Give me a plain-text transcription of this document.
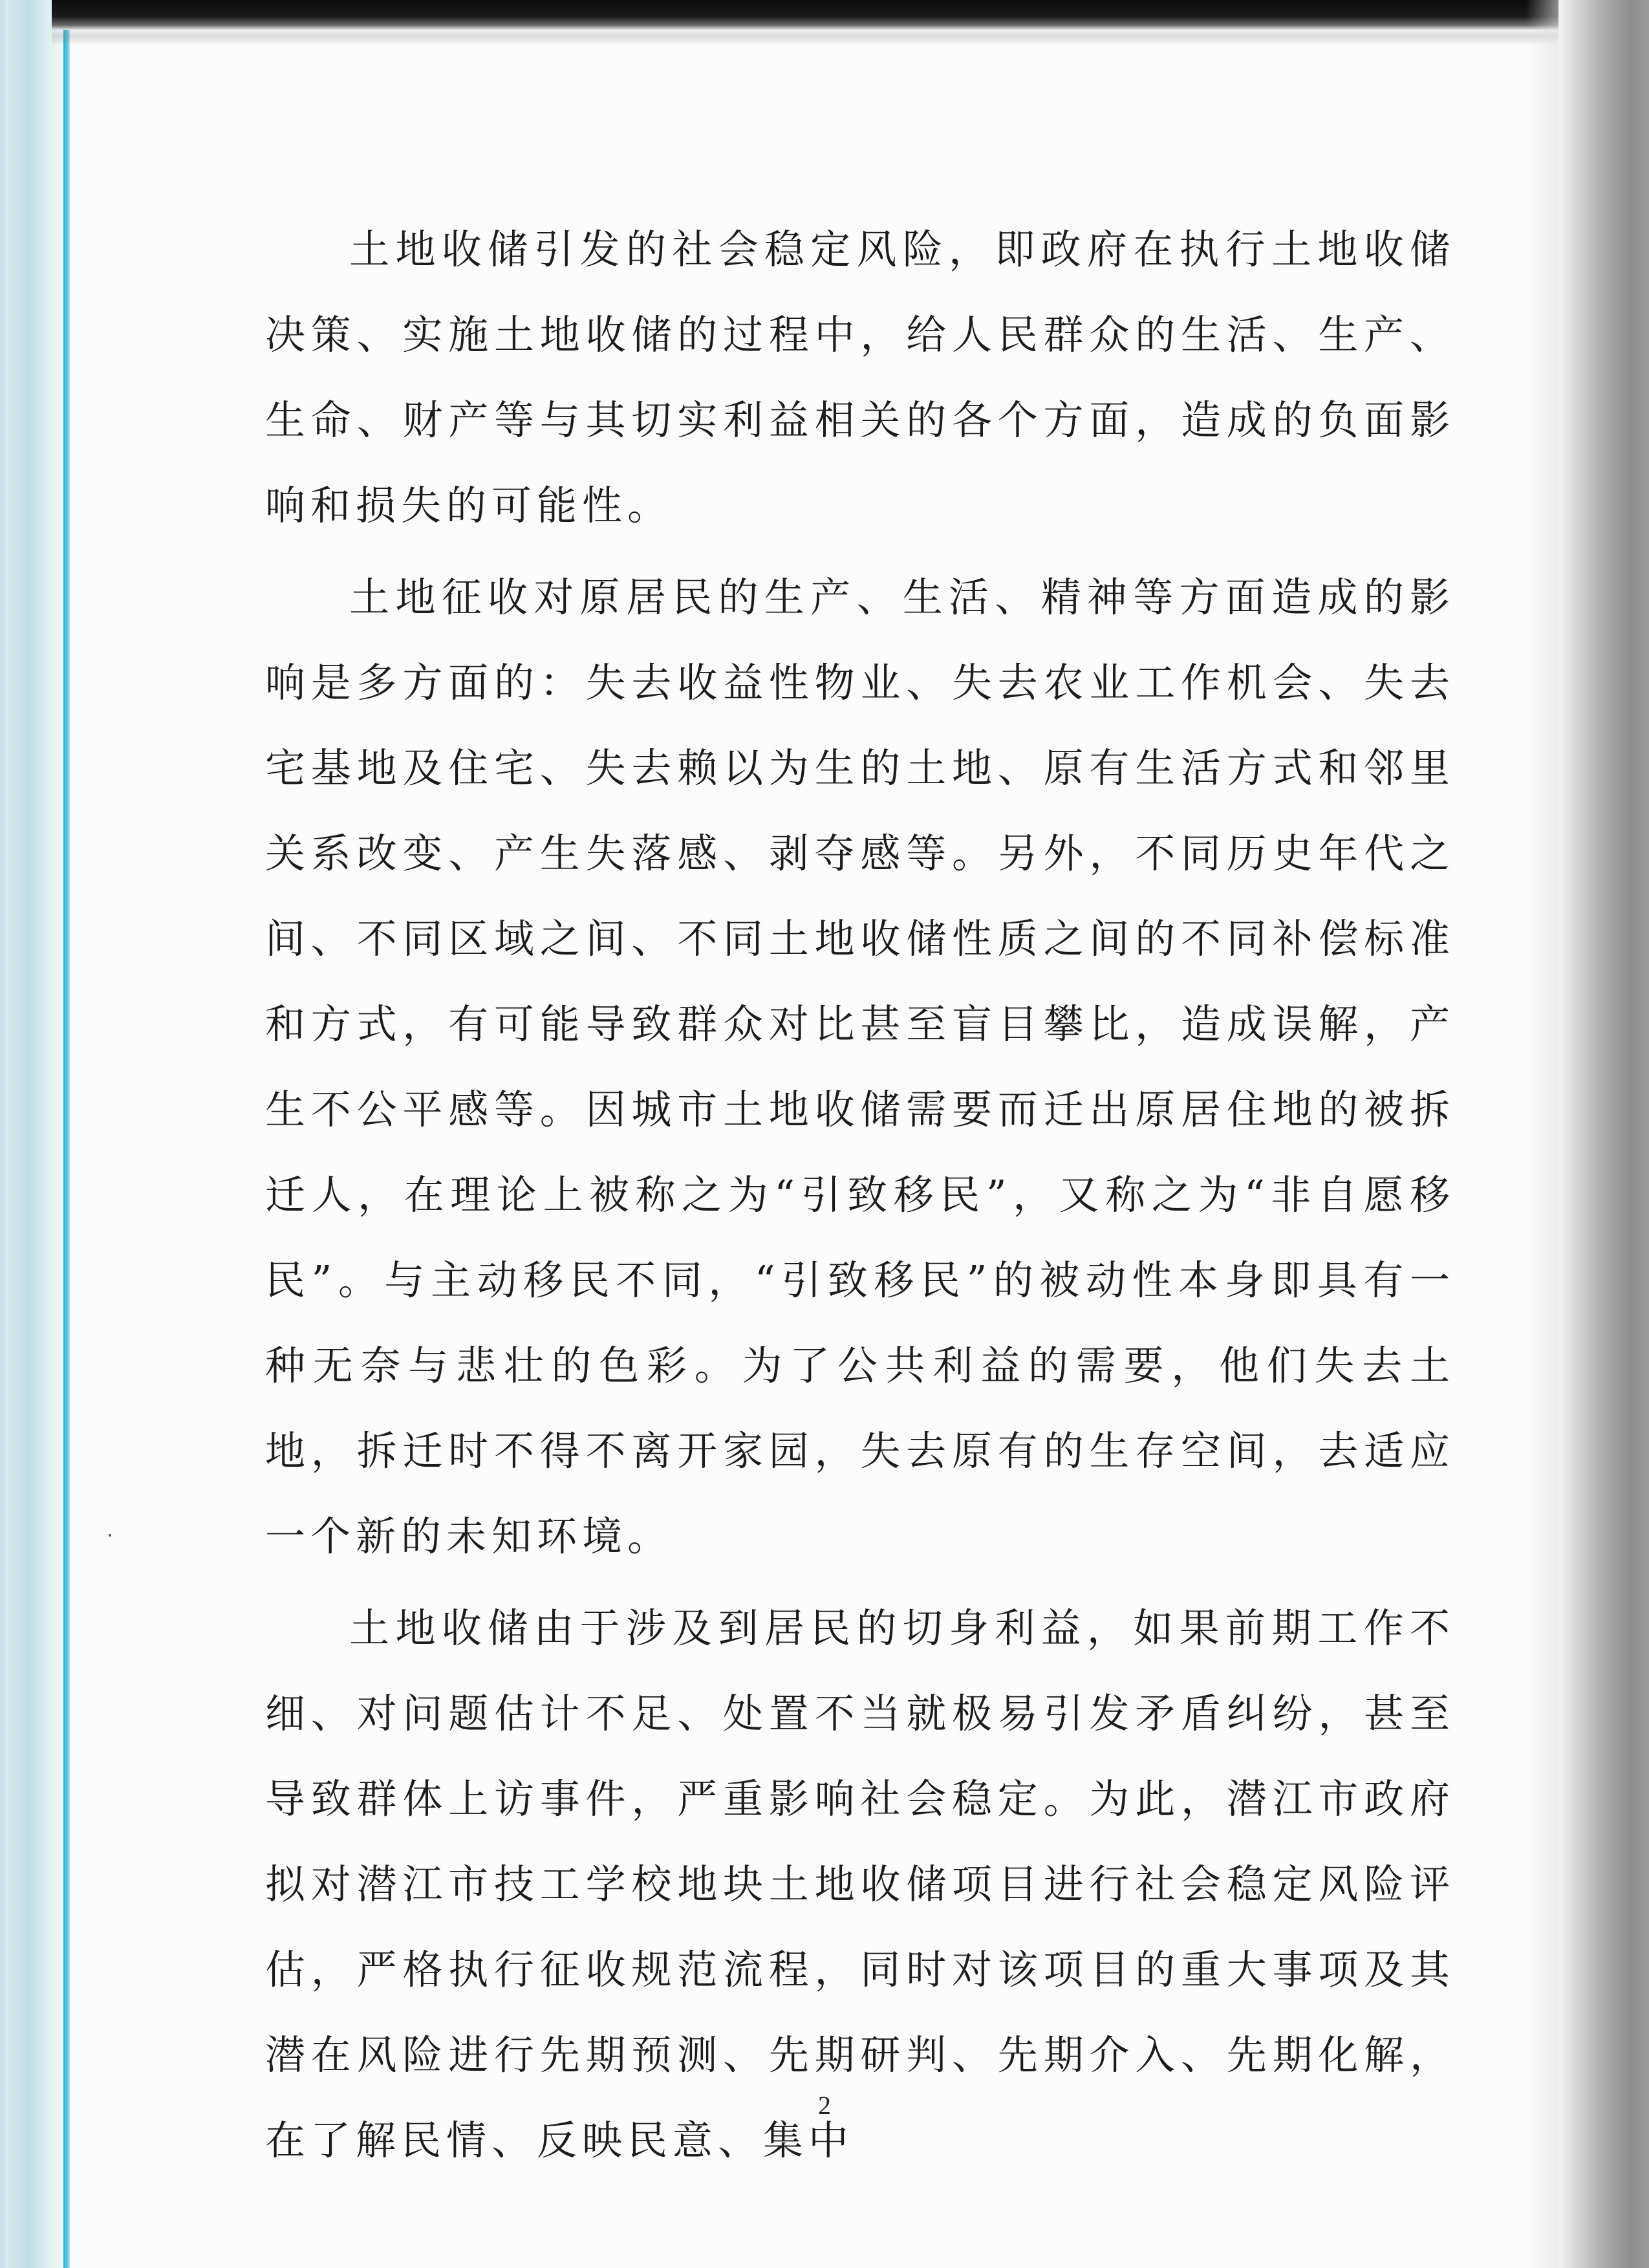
土地收储引发的社会稳定风险，即政府在执行土地收储决策、实施土地收储的过程中，给人民群众的生活、生产、生命、财产等与其切实利益相关的各个方面，造成的负面影响和损失的可能性。

土地征收对原居民的生产、生活、精神等方面造成的影响是多方面的：失去收益性物业、失去农业工作机会、失去宅基地及住宅、失去赖以为生的土地、原有生活方式和邻里关系改变、产生失落感、剥夺感等。另外，不同历史年代之间、不同区域之间、不同土地收储性质之间的不同补偿标准和方式，有可能导致群众对比甚至盲目攀比，造成误解，产生不公平感等。因城市土地收储需要而迁出原居住地的被拆迁人，在理论上被称之为“引致移民”，又称之为“非自愿移民”。与主动移民不同，“引致移民”的被动性本身即具有一种无奈与悲壮的色彩。为了公共利益的需要，他们失去土地，拆迁时不得不离开家园，失去原有的生存空间，去适应一个新的未知环境。

土地收储由于涉及到居民的切身利益，如果前期工作不细、对问题估计不足、处置不当就极易引发矛盾纠纷，甚至导致群体上访事件，严重影响社会稳定。为此，潜江市政府拟对潜江市技工学校地块土地收储项目进行社会稳定风险评估，严格执行征收规范流程，同时对该项目的重大事项及其潜在风险进行先期预测、先期研判、先期介入、先期化解，在了解民情、反映民意、集中

2
